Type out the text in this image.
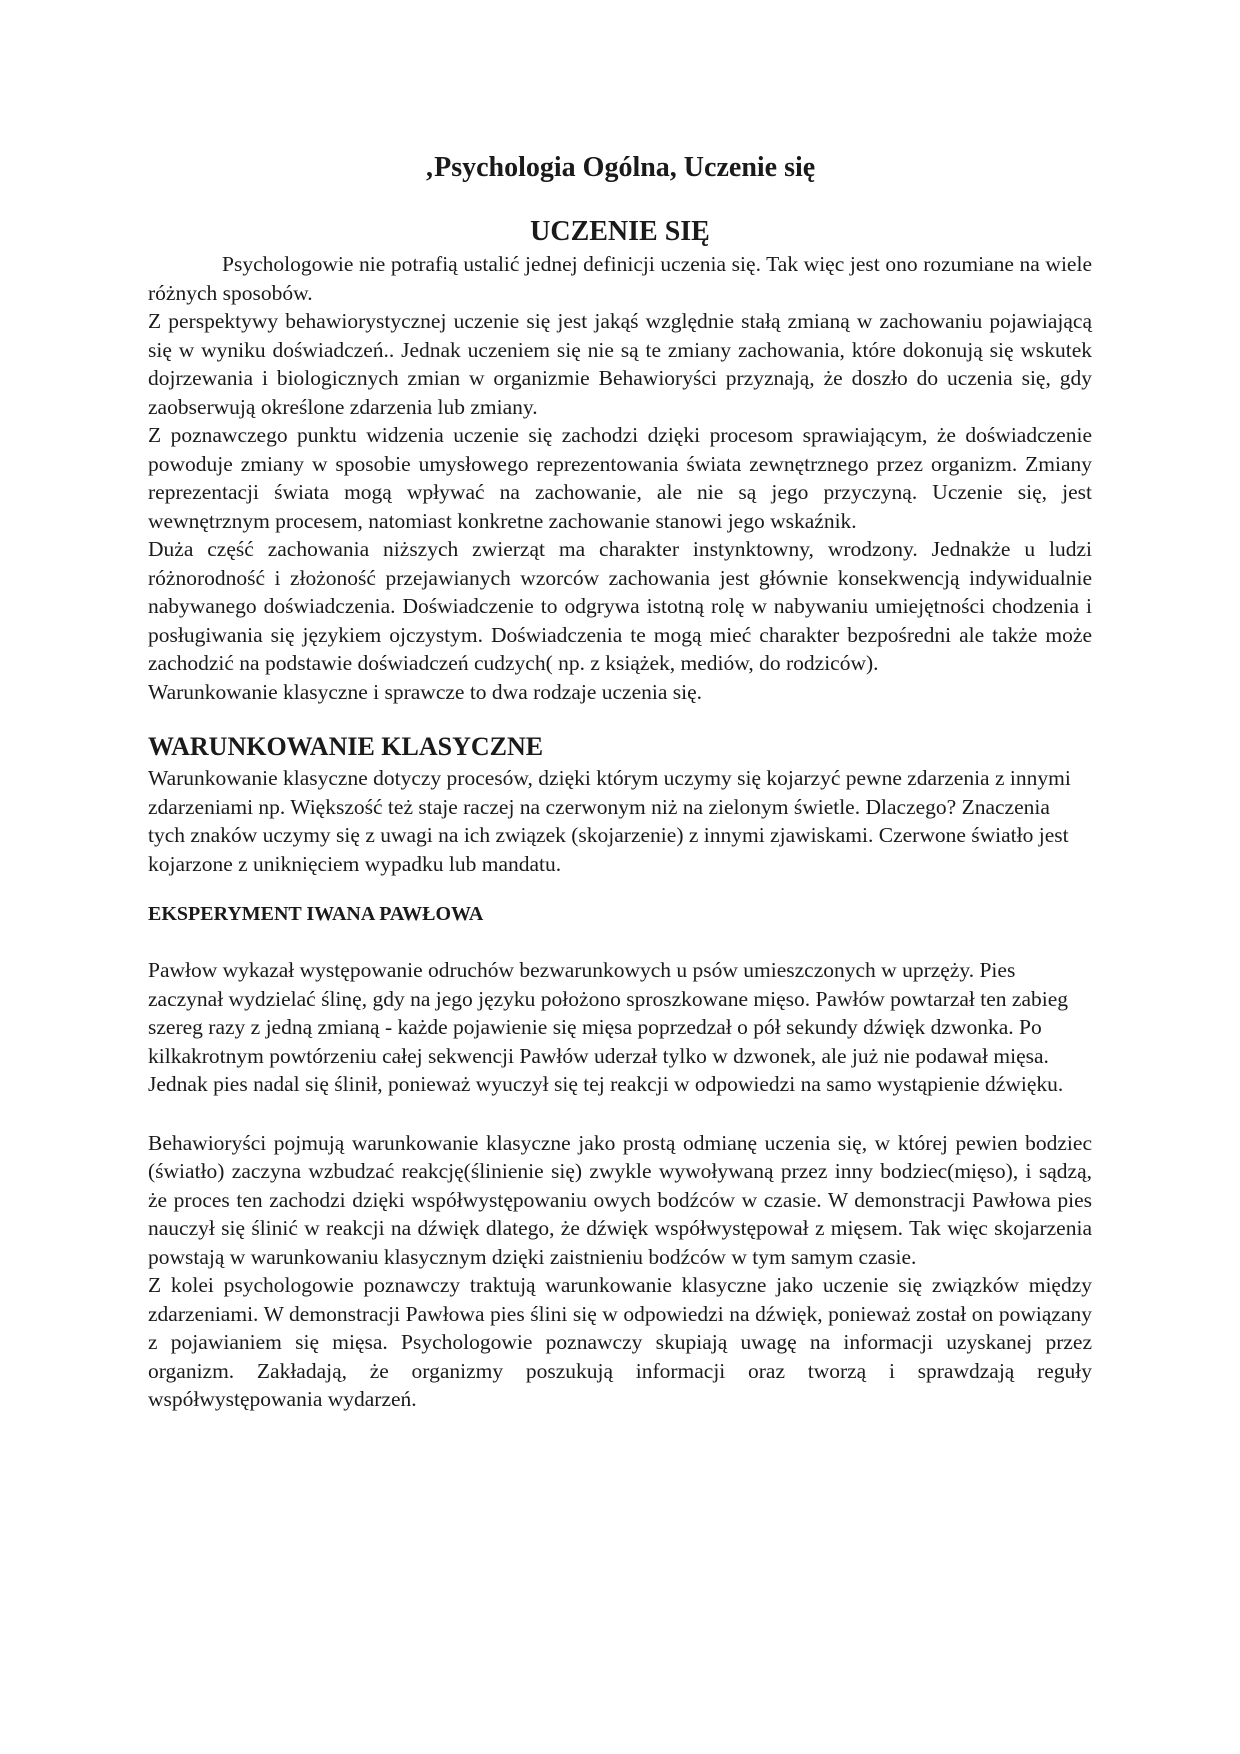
‚Psychologia Ogólna, Uczenie się
UCZENIE SIĘ

Psychologowie nie potrafią ustalić jednej definicji uczenia się. Tak więc jest ono rozumiane na wiele różnych sposobów.

Z perspektywy behawiorystycznej uczenie się jest jakąś względnie stałą zmianą w zachowaniu pojawiającą się w wyniku doświadczeń.. Jednak uczeniem się nie są te zmiany zachowania, które dokonują się wskutek dojrzewania i biologicznych zmian w organizmie Behawioryści przyznają, że doszło do uczenia się, gdy zaobserwują określone zdarzenia lub zmiany.

Z poznawczego punktu widzenia uczenie się zachodzi dzięki procesom sprawiającym, że doświadczenie powoduje zmiany w sposobie umysłowego reprezentowania świata zewnętrznego przez organizm. Zmiany reprezentacji świata mogą wpływać na zachowanie, ale nie są jego przyczyną. Uczenie się, jest wewnętrznym procesem, natomiast konkretne zachowanie stanowi jego wskaźnik.

Duża część zachowania niższych zwierząt ma charakter instynktowny, wrodzony. Jednakże u ludzi różnorodność i złożoność przejawianych wzorców zachowania jest głównie konsekwencją indywidualnie nabywanego doświadczenia. Doświadczenie to odgrywa istotną rolę w nabywaniu umiejętności chodzenia i posługiwania się językiem ojczystym. Doświadczenia te mogą mieć charakter bezpośredni ale także może zachodzić na podstawie doświadczeń cudzych( np. z książek, mediów, do rodziców).

Warunkowanie klasyczne i sprawcze to dwa rodzaje uczenia się.

WARUNKOWANIE KLASYCZNE

Warunkowanie klasyczne dotyczy procesów, dzięki którym uczymy się kojarzyć pewne zdarzenia z innymi zdarzeniami np. Większość też staje raczej na czerwonym niż na zielonym świetle. Dlaczego? Znaczenia tych znaków uczymy się z uwagi na ich związek (skojarzenie) z innymi zjawiskami. Czerwone światło jest kojarzone z uniknięciem wypadku lub mandatu.

EKSPERYMENT IWANA PAWŁOWA

Pawłow wykazał występowanie odruchów bezwarunkowych u psów umieszczonych w uprzęży. Pies zaczynał wydzielać ślinę, gdy na jego języku położono sproszkowane mięso. Pawłów powtarzał ten zabieg szereg razy z jedną zmianą - każde pojawienie się mięsa poprzedzał o pół sekundy dźwięk dzwonka. Po kilkakrotnym powtórzeniu całej sekwencji Pawłów uderzał tylko w dzwonek, ale już nie podawał mięsa. Jednak pies nadal się ślinił, ponieważ wyuczył się tej reakcji w odpowiedzi na samo wystąpienie dźwięku.

Behawioryści pojmują warunkowanie klasyczne jako prostą odmianę uczenia się, w której pewien bodziec (światło) zaczyna wzbudzać reakcję(ślinienie się) zwykle wywoływaną przez inny bodziec(mięso), i sądzą, że proces ten zachodzi dzięki współwystępowaniu owych bodźców w czasie. W demonstracji Pawłowa pies nauczył się ślinić w reakcji na dźwięk dlatego, że dźwięk współwystępował z mięsem. Tak więc skojarzenia powstają w warunkowaniu klasycznym dzięki zaistnieniu bodźców w tym samym czasie.

Z kolei psychologowie poznawczy traktują warunkowanie klasyczne jako uczenie się związków między zdarzeniami. W demonstracji Pawłowa pies ślini się w odpowiedzi na dźwięk, ponieważ został on powiązany z pojawianiem się mięsa. Psychologowie poznawczy skupiają uwagę na informacji uzyskanej przez organizm. Zakładają, że organizmy poszukują informacji oraz tworzą i sprawdzają reguły współwystępowania wydarzeń.
